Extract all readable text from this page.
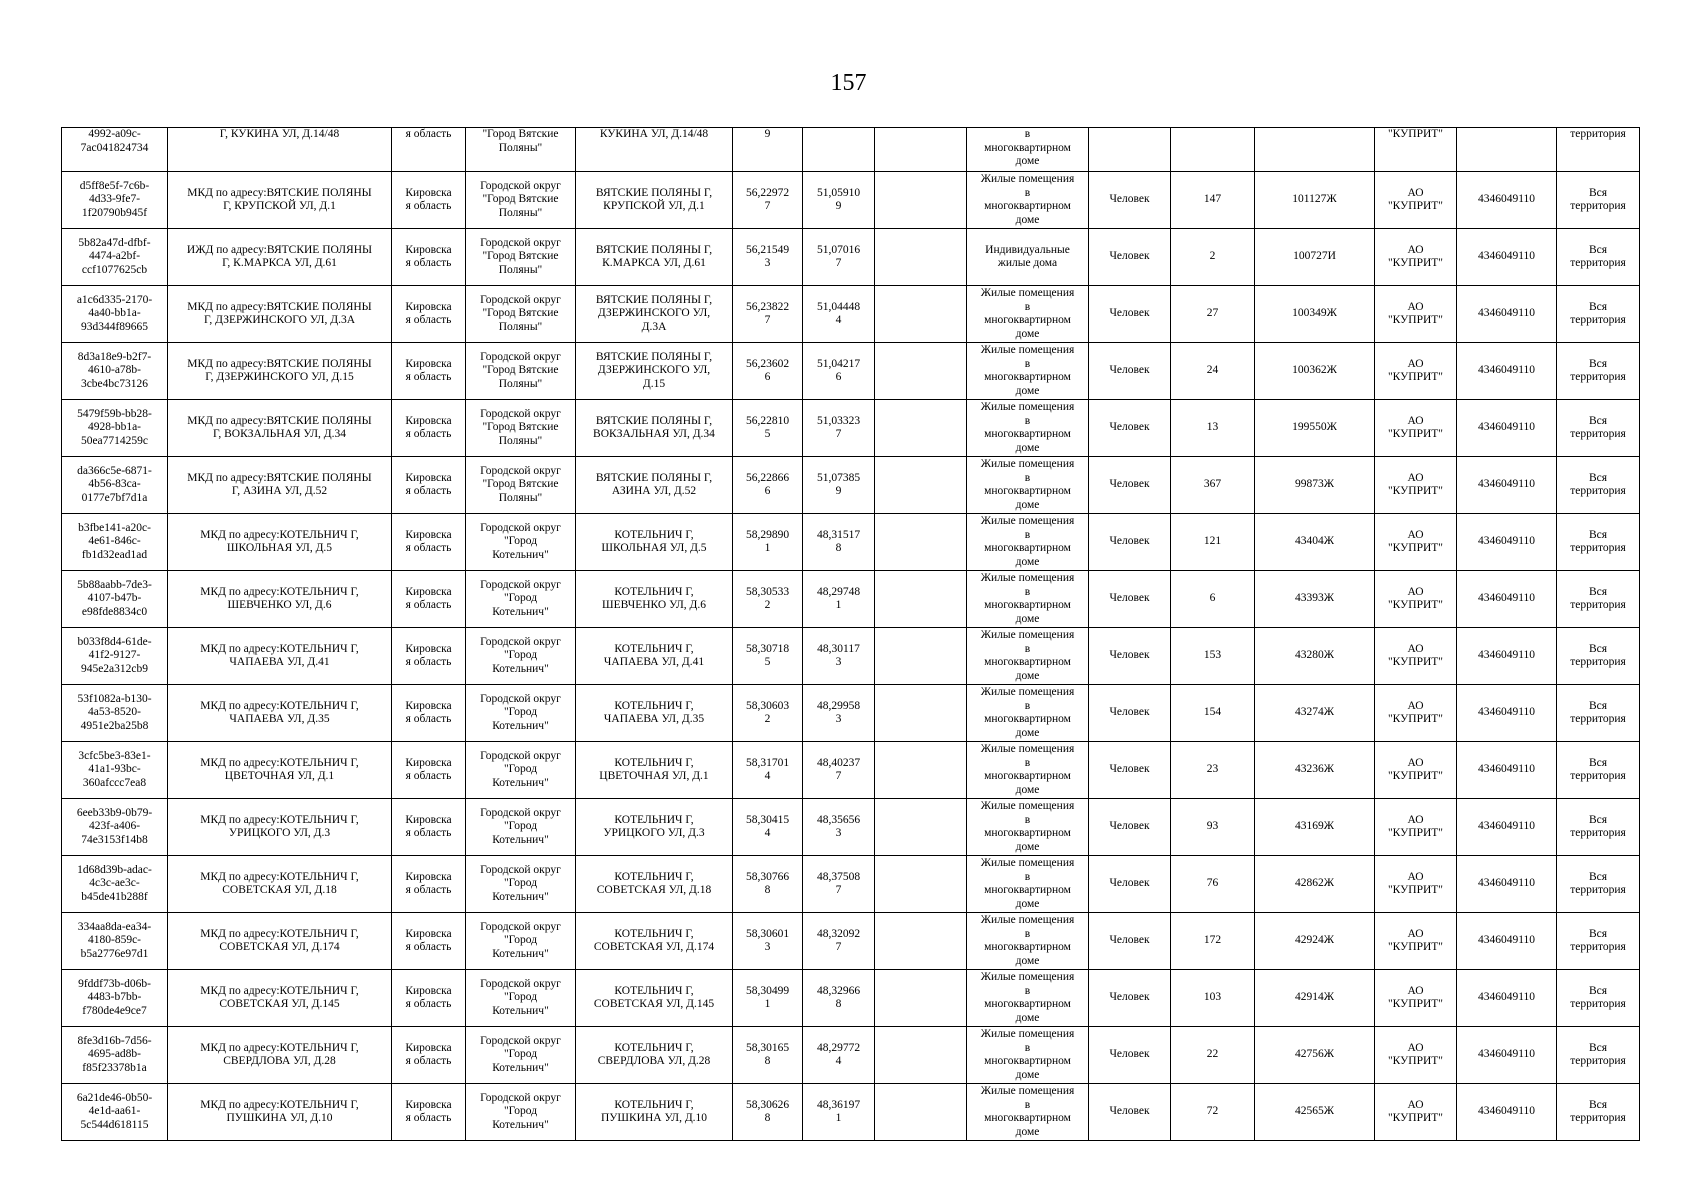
157
4992-a09c-
7ac041824734	Г, КУКИНА УЛ, Д.14/48	я область	"Город Вятские
Поляны"	КУКИНА УЛ, Д.14/48	9			в
многоквартирном
доме				"КУПРИТ"		территория
d5ff8e5f-7c6b-
4d33-9fe7-
1f20790b945f	МКД по адресу:ВЯТСКИЕ ПОЛЯНЫ
Г, КРУПСКОЙ УЛ, Д.1	Кировска
я область	Городской округ
"Город Вятские
Поляны"	ВЯТСКИЕ ПОЛЯНЫ Г,
КРУПСКОЙ УЛ, Д.1	56,22972
7	51,05910
9		Жилые помещения
в
многоквартирном
доме	Человек	147	101127Ж	АО
"КУПРИТ"	4346049110	Вся
территория
5b82a47d-dfbf-
4474-a2bf-
ccf1077625cb	ИЖД по адресу:ВЯТСКИЕ ПОЛЯНЫ
Г, К.МАРКСА УЛ, Д.61	Кировска
я область	Городской округ
"Город Вятские
Поляны"	ВЯТСКИЕ ПОЛЯНЫ Г,
К.МАРКСА УЛ, Д.61	56,21549
3	51,07016
7		Индивидуальные
жилые дома	Человек	2	100727И	АО
"КУПРИТ"	4346049110	Вся
территория
a1c6d335-2170-
4a40-bb1a-
93d344f89665	МКД по адресу:ВЯТСКИЕ ПОЛЯНЫ
Г, ДЗЕРЖИНСКОГО УЛ, Д.3А	Кировска
я область	Городской округ
"Город Вятские
Поляны"	ВЯТСКИЕ ПОЛЯНЫ Г,
ДЗЕРЖИНСКОГО УЛ,
Д.3А	56,23822
7	51,04448
4		Жилые помещения
в
многоквартирном
доме	Человек	27	100349Ж	АО
"КУПРИТ"	4346049110	Вся
территория
8d3a18e9-b2f7-
4610-a78b-
3cbe4bc73126	МКД по адресу:ВЯТСКИЕ ПОЛЯНЫ
Г, ДЗЕРЖИНСКОГО УЛ, Д.15	Кировска
я область	Городской округ
"Город Вятские
Поляны"	ВЯТСКИЕ ПОЛЯНЫ Г,
ДЗЕРЖИНСКОГО УЛ,
Д.15	56,23602
6	51,04217
6		Жилые помещения
в
многоквартирном
доме	Человек	24	100362Ж	АО
"КУПРИТ"	4346049110	Вся
территория
5479f59b-bb28-
4928-bb1a-
50ea7714259c	МКД по адресу:ВЯТСКИЕ ПОЛЯНЫ
Г, ВОКЗАЛЬНАЯ УЛ, Д.34	Кировска
я область	Городской округ
"Город Вятские
Поляны"	ВЯТСКИЕ ПОЛЯНЫ Г,
ВОКЗАЛЬНАЯ УЛ, Д.34	56,22810
5	51,03323
7		Жилые помещения
в
многоквартирном
доме	Человек	13	199550Ж	АО
"КУПРИТ"	4346049110	Вся
территория
da366c5e-6871-
4b56-83ca-
0177e7bf7d1a	МКД по адресу:ВЯТСКИЕ ПОЛЯНЫ
Г, АЗИНА УЛ, Д.52	Кировска
я область	Городской округ
"Город Вятские
Поляны"	ВЯТСКИЕ ПОЛЯНЫ Г,
АЗИНА УЛ, Д.52	56,22866
6	51,07385
9		Жилые помещения
в
многоквартирном
доме	Человек	367	99873Ж	АО
"КУПРИТ"	4346049110	Вся
территория
b3fbe141-a20c-
4e61-846c-
fb1d32ead1ad	МКД по адресу:КОТЕЛЬНИЧ Г,
ШКОЛЬНАЯ УЛ, Д.5	Кировска
я область	Городской округ
"Город
Котельнич"	КОТЕЛЬНИЧ Г,
ШКОЛЬНАЯ УЛ, Д.5	58,29890
1	48,31517
8		Жилые помещения
в
многоквартирном
доме	Человек	121	43404Ж	АО
"КУПРИТ"	4346049110	Вся
территория
5b88aabb-7de3-
4107-b47b-
e98fde8834c0	МКД по адресу:КОТЕЛЬНИЧ Г,
ШЕВЧЕНКО УЛ, Д.6	Кировска
я область	Городской округ
"Город
Котельнич"	КОТЕЛЬНИЧ Г,
ШЕВЧЕНКО УЛ, Д.6	58,30533
2	48,29748
1		Жилые помещения
в
многоквартирном
доме	Человек	6	43393Ж	АО
"КУПРИТ"	4346049110	Вся
территория
b033f8d4-61de-
41f2-9127-
945e2a312cb9	МКД по адресу:КОТЕЛЬНИЧ Г,
ЧАПАЕВА УЛ, Д.41	Кировска
я область	Городской округ
"Город
Котельнич"	КОТЕЛЬНИЧ Г,
ЧАПАЕВА УЛ, Д.41	58,30718
5	48,30117
3		Жилые помещения
в
многоквартирном
доме	Человек	153	43280Ж	АО
"КУПРИТ"	4346049110	Вся
территория
53f1082a-b130-
4a53-8520-
4951e2ba25b8	МКД по адресу:КОТЕЛЬНИЧ Г,
ЧАПАЕВА УЛ, Д.35	Кировска
я область	Городской округ
"Город
Котельнич"	КОТЕЛЬНИЧ Г,
ЧАПАЕВА УЛ, Д.35	58,30603
2	48,29958
3		Жилые помещения
в
многоквартирном
доме	Человек	154	43274Ж	АО
"КУПРИТ"	4346049110	Вся
территория
3cfc5be3-83e1-
41a1-93bc-
360afccc7ea8	МКД по адресу:КОТЕЛЬНИЧ Г,
ЦВЕТОЧНАЯ УЛ, Д.1	Кировска
я область	Городской округ
"Город
Котельнич"	КОТЕЛЬНИЧ Г,
ЦВЕТОЧНАЯ УЛ, Д.1	58,31701
4	48,40237
7		Жилые помещения
в
многоквартирном
доме	Человек	23	43236Ж	АО
"КУПРИТ"	4346049110	Вся
территория
6eeb33b9-0b79-
423f-a406-
74e3153f14b8	МКД по адресу:КОТЕЛЬНИЧ Г,
УРИЦКОГО УЛ, Д.3	Кировска
я область	Городской округ
"Город
Котельнич"	КОТЕЛЬНИЧ Г,
УРИЦКОГО УЛ, Д.3	58,30415
4	48,35656
3		Жилые помещения
в
многоквартирном
доме	Человек	93	43169Ж	АО
"КУПРИТ"	4346049110	Вся
территория
1d68d39b-adac-
4c3c-ae3c-
b45de41b288f	МКД по адресу:КОТЕЛЬНИЧ Г,
СОВЕТСКАЯ УЛ, Д.18	Кировска
я область	Городской округ
"Город
Котельнич"	КОТЕЛЬНИЧ Г,
СОВЕТСКАЯ УЛ, Д.18	58,30766
8	48,37508
7		Жилые помещения
в
многоквартирном
доме	Человек	76	42862Ж	АО
"КУПРИТ"	4346049110	Вся
территория
334aa8da-ea34-
4180-859c-
b5a2776e97d1	МКД по адресу:КОТЕЛЬНИЧ Г,
СОВЕТСКАЯ УЛ, Д.174	Кировска
я область	Городской округ
"Город
Котельнич"	КОТЕЛЬНИЧ Г,
СОВЕТСКАЯ УЛ, Д.174	58,30601
3	48,32092
7		Жилые помещения
в
многоквартирном
доме	Человек	172	42924Ж	АО
"КУПРИТ"	4346049110	Вся
территория
9fddf73b-d06b-
4483-b7bb-
f780de4e9ce7	МКД по адресу:КОТЕЛЬНИЧ Г,
СОВЕТСКАЯ УЛ, Д.145	Кировска
я область	Городской округ
"Город
Котельнич"	КОТЕЛЬНИЧ Г,
СОВЕТСКАЯ УЛ, Д.145	58,30499
1	48,32966
8		Жилые помещения
в
многоквартирном
доме	Человек	103	42914Ж	АО
"КУПРИТ"	4346049110	Вся
территория
8fe3d16b-7d56-
4695-ad8b-
f85f23378b1a	МКД по адресу:КОТЕЛЬНИЧ Г,
СВЕРДЛОВА УЛ, Д.28	Кировска
я область	Городской округ
"Город
Котельнич"	КОТЕЛЬНИЧ Г,
СВЕРДЛОВА УЛ, Д.28	58,30165
8	48,29772
4		Жилые помещения
в
многоквартирном
доме	Человек	22	42756Ж	АО
"КУПРИТ"	4346049110	Вся
территория
6a21de46-0b50-
4e1d-aa61-
5c544d618115	МКД по адресу:КОТЕЛЬНИЧ Г,
ПУШКИНА УЛ, Д.10	Кировска
я область	Городской округ
"Город
Котельнич"	КОТЕЛЬНИЧ Г,
ПУШКИНА УЛ, Д.10	58,30626
8	48,36197
1		Жилые помещения
в
многоквартирном
доме	Человек	72	42565Ж	АО
"КУПРИТ"	4346049110	Вся
территория
